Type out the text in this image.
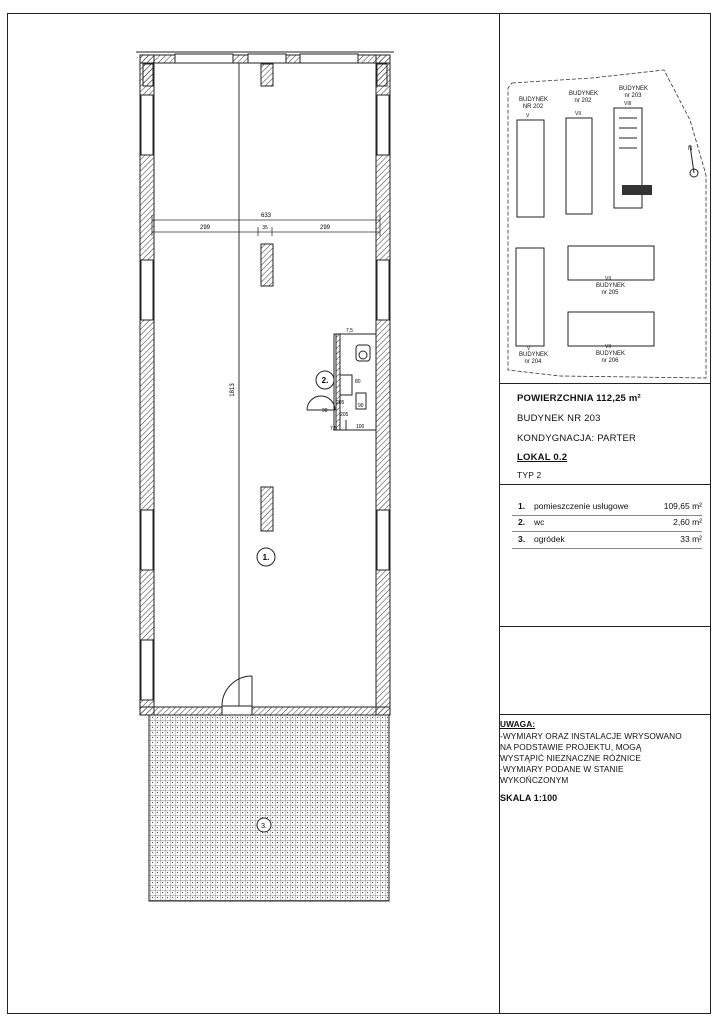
633
299	35	299
1813
80
205
100
90
90
7,5
7,5
205
2.
1.
3.
N
BUDYNEK
NR 202
BUDYNEK
nr 202
BUDYNEK
nr 203
BUDYNEK
nr 205
BUDYNEK
nr 204
BUDYNEK
nr 206
V	VII
VIII
VII
V	VII
POWIERZCHNIA 112,25 m²
BUDYNEK NR 203
KONDYGNACJA: PARTER
LOKAL 0.2
TYP 2
1. pomieszczenie usługowe	109,65 m²
2. wc	2,60 m²
3. ogródek	33 m²
UWAGA:
-WYMIARY ORAZ INSTALACJE WRYSOWANO
NA PODSTAWIE PROJEKTU, MOGĄ
WYSTĄPIĆ NIEZNACZNE RÓŻNICE
-WYMIARY PODANE W STANIE
WYKOŃCZONYM
SKALA 1:100
